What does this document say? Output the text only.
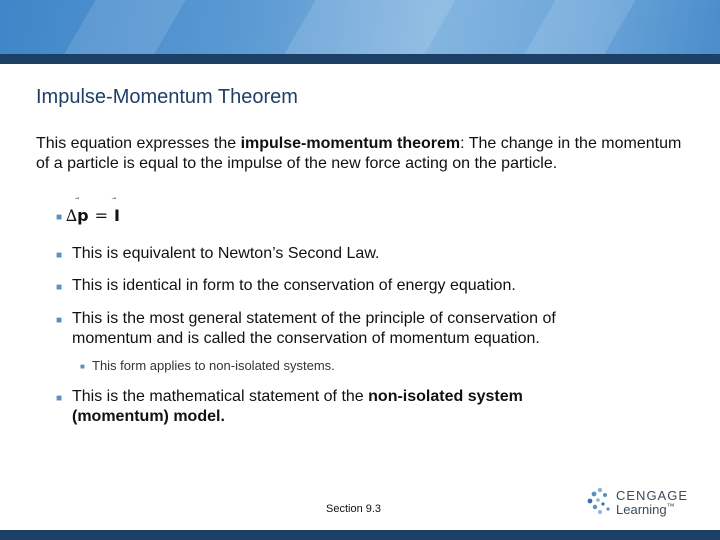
Impulse-Momentum Theorem
This equation expresses the impulse-momentum theorem: The change in the momentum of a particle is equal to the impulse of the new force acting on the particle.
■ ∆
p = I
■ This is equivalent to Newton’s Second Law.
■ This is identical in form to the conservation of energy equation.
■ This is the most general statement of the principle of conservation of momentum and is called the conservation of momentum equation.
■ This form applies to non-isolated systems.
■ This is the mathematical statement of the non-isolated system (momentum) model.
Section 9.3
CENGAGE
Learning™
